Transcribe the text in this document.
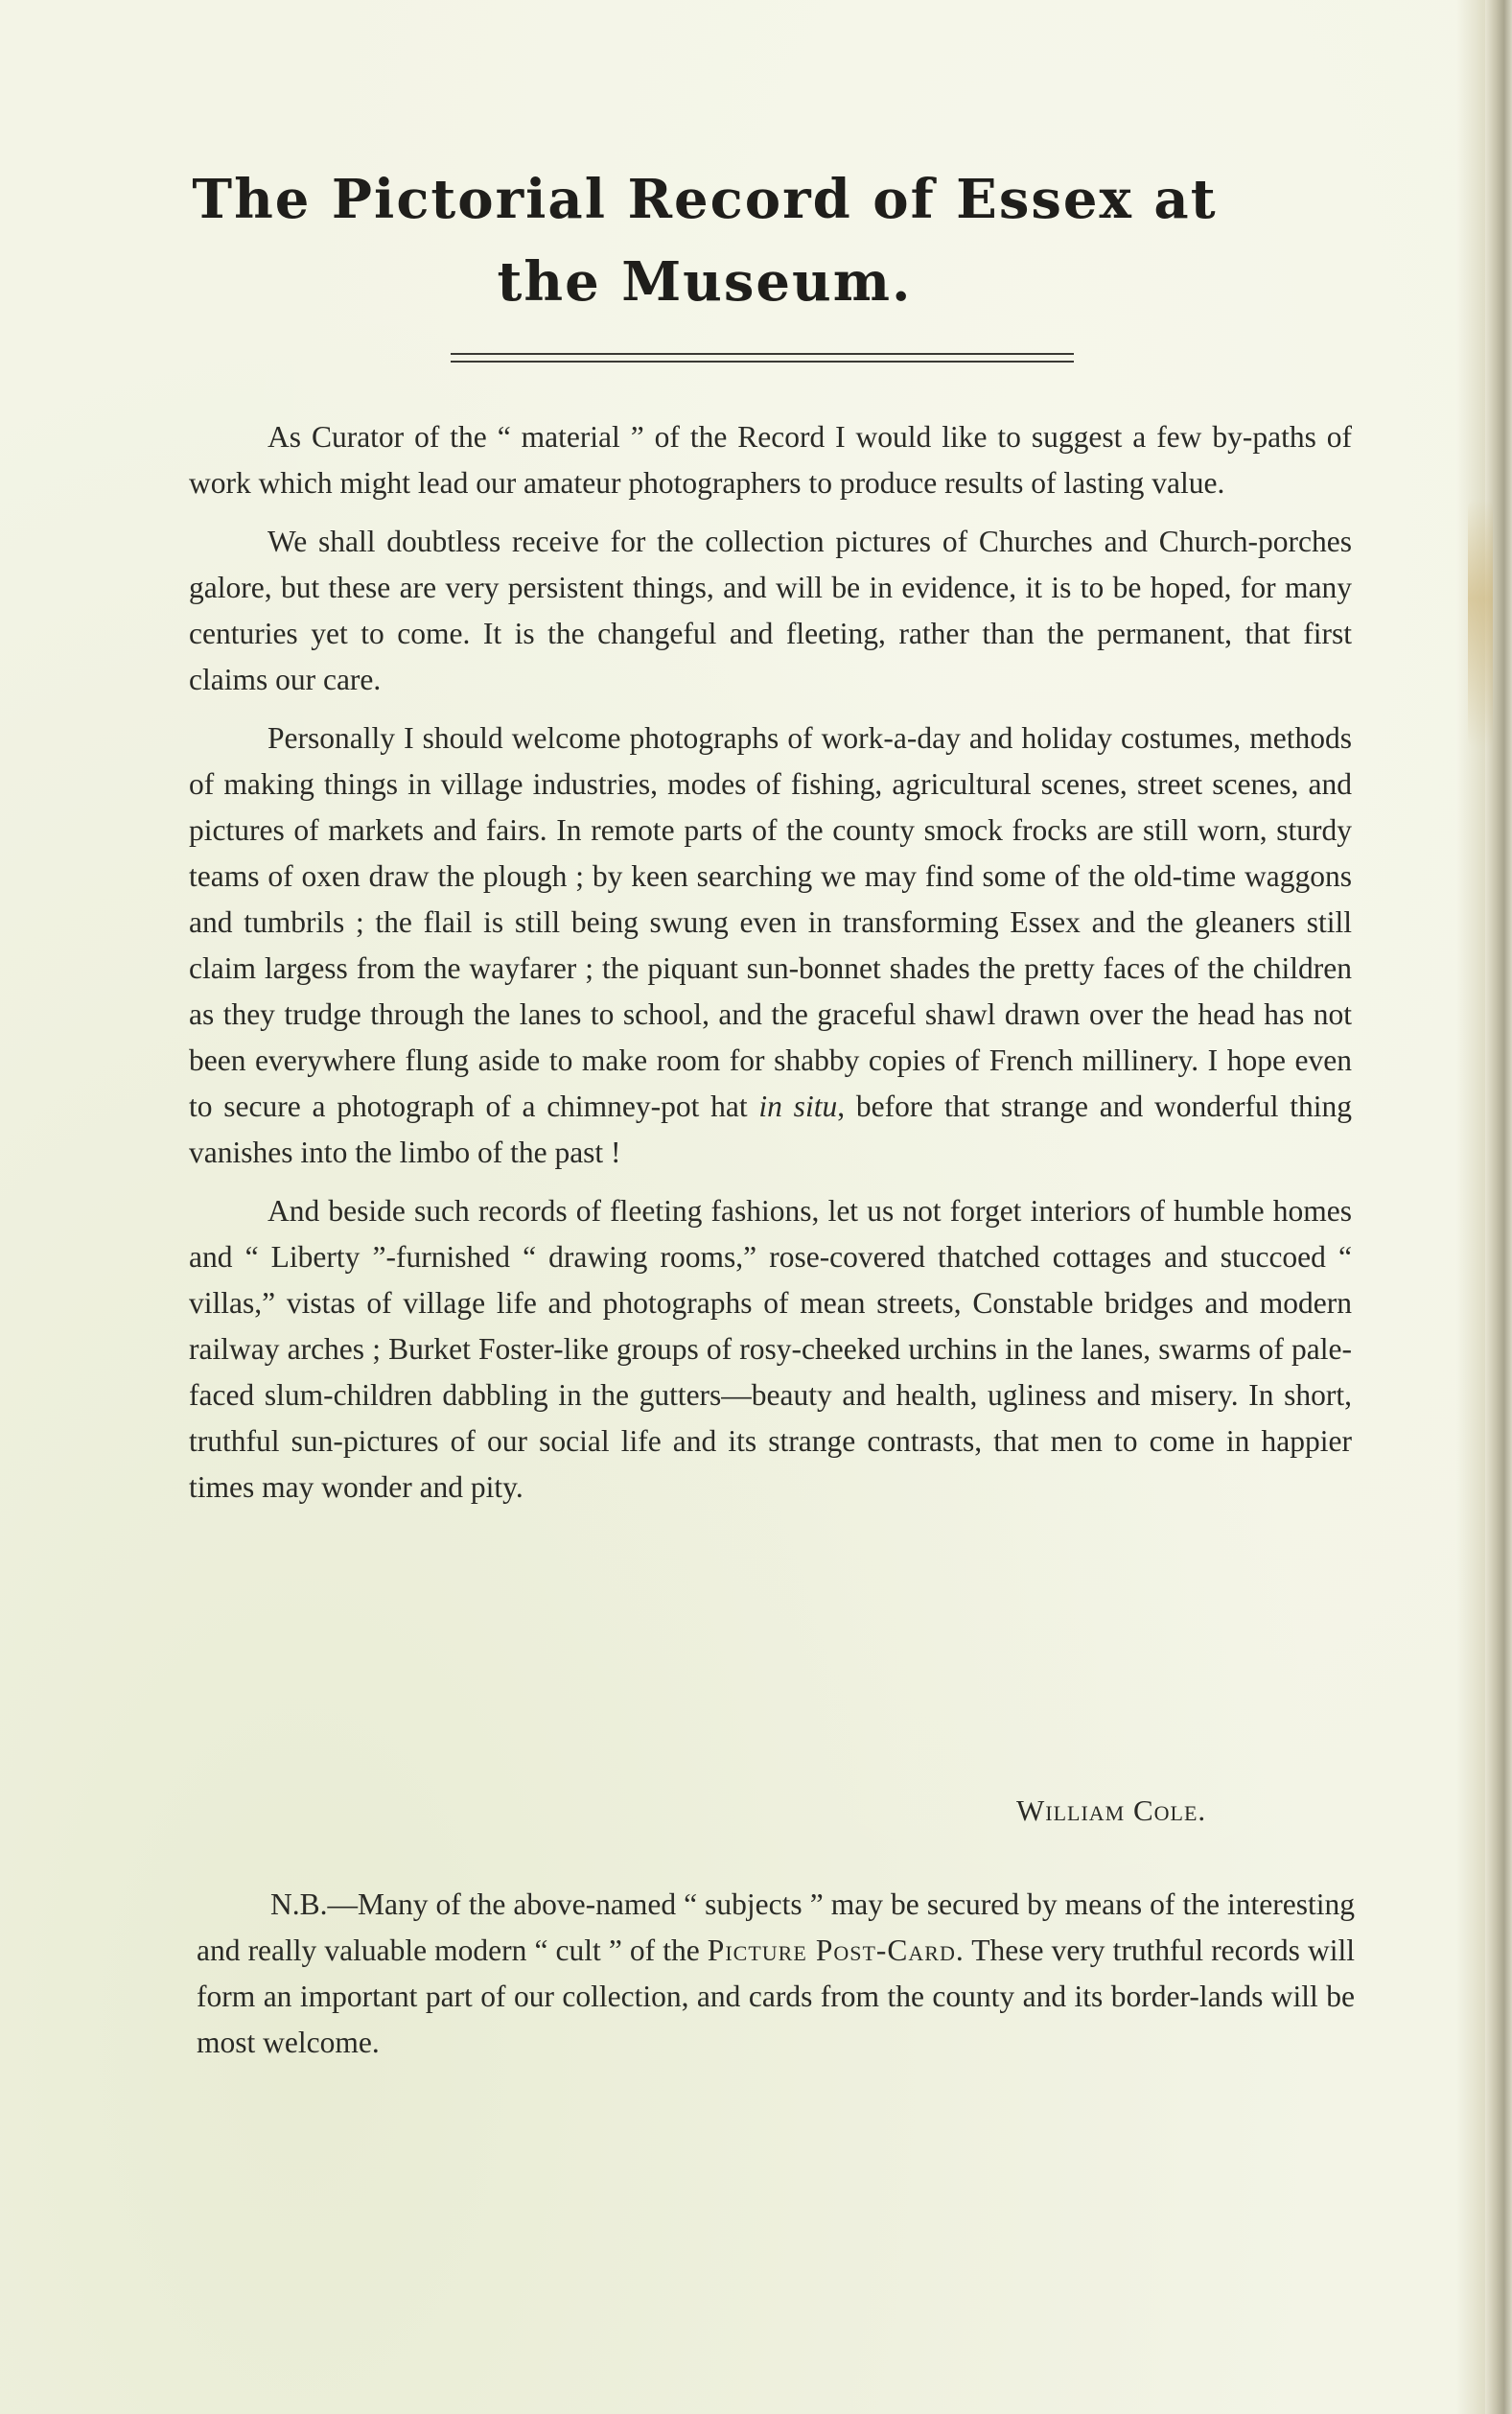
The Pictorial Record of Essex at the Museum.

As Curator of the “ material ” of the Record I would like to suggest a few by-paths of work which might lead our amateur photographers to produce results of lasting value.

We shall doubtless receive for the collection pictures of Churches and Church-porches galore, but these are very persistent things, and will be in evidence, it is to be hoped, for many centuries yet to come. It is the changeful and fleeting, rather than the permanent, that first claims our care.

Personally I should welcome photographs of work-a-day and holiday costumes, methods of making things in village industries, modes of fishing, agricultural scenes, street scenes, and pictures of markets and fairs. In remote parts of the county smock frocks are still worn, sturdy teams of oxen draw the plough ; by keen searching we may find some of the old-time waggons and tumbrils ; the flail is still being swung even in transforming Essex and the gleaners still claim largess from the wayfarer ; the piquant sun-bonnet shades the pretty faces of the children as they trudge through the lanes to school, and the graceful shawl drawn over the head has not been everywhere flung aside to make room for shabby copies of French millinery. I hope even to secure a photograph of a chimney-pot hat in situ, before that strange and wonderful thing vanishes into the limbo of the past !

And beside such records of fleeting fashions, let us not forget interiors of humble homes and “ Liberty ”-furnished “ drawing rooms,” rose-covered thatched cottages and stuccoed “ villas,” vistas of village life and photographs of mean streets, Constable bridges and modern railway arches ; Burket Foster-like groups of rosy-cheeked urchins in the lanes, swarms of pale-faced slum-children dabbling in the gutters—beauty and health, ugliness and misery. In short, truthful sun-pictures of our social life and its strange contrasts, that men to come in happier times may wonder and pity.

William Cole.

N.B.—Many of the above-named “ subjects ” may be secured by means of the interesting and really valuable modern “ cult ” of the Picture Post-Card. These very truthful records will form an important part of our collection, and cards from the county and its border-lands will be most welcome.
